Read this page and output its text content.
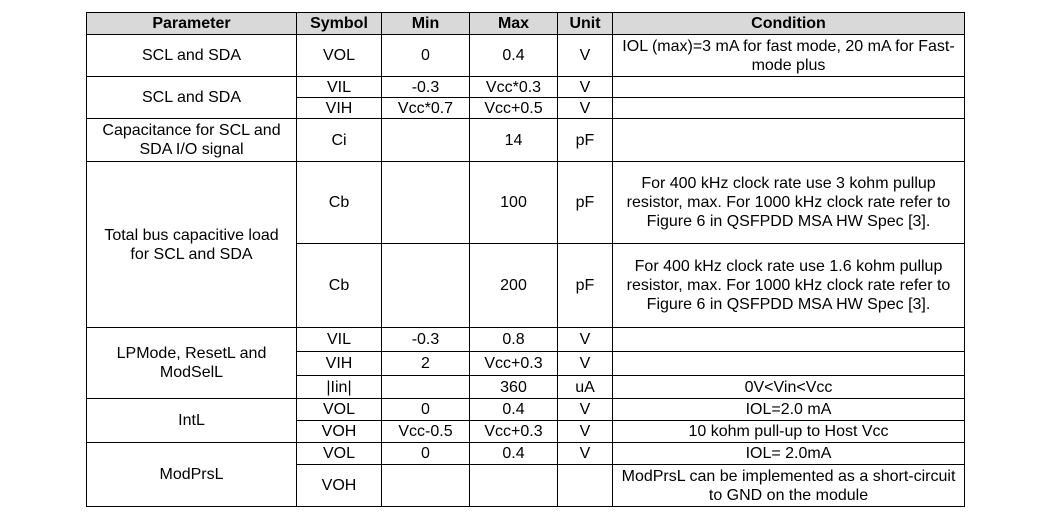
Parameter	Symbol	Min	Max	Unit	Condition
SCL and SDA	VOL	0	0.4	V	IOL (max)=3 mA for fast mode, 20 mA for Fast-mode plus
SCL and SDA	VIL	-0.3	Vcc*0.3	V	
	VIH	Vcc*0.7	Vcc+0.5	V	
Capacitance for SCL and SDA I/O signal	Ci		14	pF	
Total bus capacitive load for SCL and SDA	Cb		100	pF	For 400 kHz clock rate use 3 kohm pullup resistor, max. For 1000 kHz clock rate refer to Figure 6 in QSFPDD MSA HW Spec [3].
	Cb		200	pF	For 400 kHz clock rate use 1.6 kohm pullup resistor, max. For 1000 kHz clock rate refer to Figure 6 in QSFPDD MSA HW Spec [3].
LPMode, ResetL and ModSelL	VIL	-0.3	0.8	V	
	VIH	2	Vcc+0.3	V	
	|Iin|		360	uA	0V<Vin<Vcc
IntL	VOL	0	0.4	V	IOL=2.0 mA
	VOH	Vcc-0.5	Vcc+0.3	V	10 kohm pull-up to Host Vcc
ModPrsL	VOL	0	0.4	V	IOL= 2.0mA
	VOH				ModPrsL can be implemented as a short-circuit to GND on the module
